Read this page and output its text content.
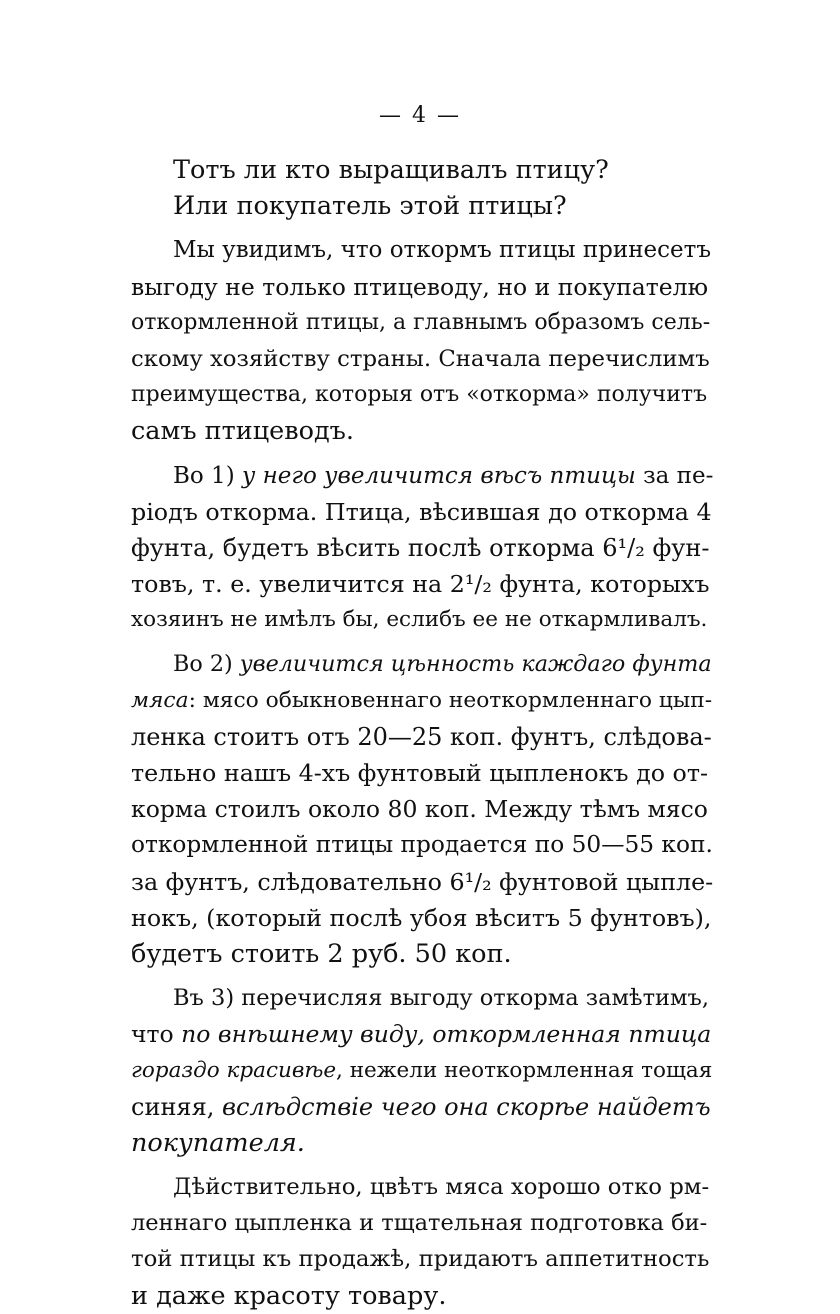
— 4 —
Тотъ ли кто выращивалъ птицу?
Или покупатель этой птицы?
Мы увидимъ, что откормъ птицы принесетъ
выгоду не только птицеводу, но и покупателю
откормленной птицы, а главнымъ образомъ сель-
скому хозяйству страны. Сначала перечислимъ
преимущества, которыя отъ «откорма» получитъ
самъ птицеводъ.
Во 1) у него увеличится вѣсъ птицы за пе-
ріодъ откорма. Птица, вѣсившая до откорма 4
фунта, будетъ вѣсить послѣ откорма 6¹/₂ фун-
товъ, т. е. увеличится на 2¹/₂ фунта, которыхъ
хозяинъ не имѣлъ бы, еслибъ ее не откармливалъ.
Во 2) увеличится цѣнность каждаго фунта
мяса: мясо обыкновеннаго неоткормленнаго цып-
ленка стоитъ отъ 20—25 коп. фунтъ, слѣдова-
тельно нашъ 4-хъ фунтовый цыпленокъ до от-
корма стоилъ около 80 коп. Между тѣмъ мясо
откормленной птицы продается по 50—55 коп.
за фунтъ, слѣдовательно 6¹/₂ фунтовой цыпле-
нокъ, (который послѣ убоя вѣситъ 5 фунтовъ),
будетъ стоить 2 руб. 50 коп.
Въ 3) перечисляя выгоду откорма замѣтимъ,
что по внѣшнему виду, откормленная птица
гораздо красивѣе, нежели неоткормленная тощая
синяя, вслѣдствіе чего она скорѣе найдетъ
покупателя.
Дѣйствительно, цвѣтъ мяса хорошо отко рм-
леннаго цыпленка и тщательная подготовка би-
той птицы къ продажѣ, придаютъ аппетитность
и даже красоту товару.
